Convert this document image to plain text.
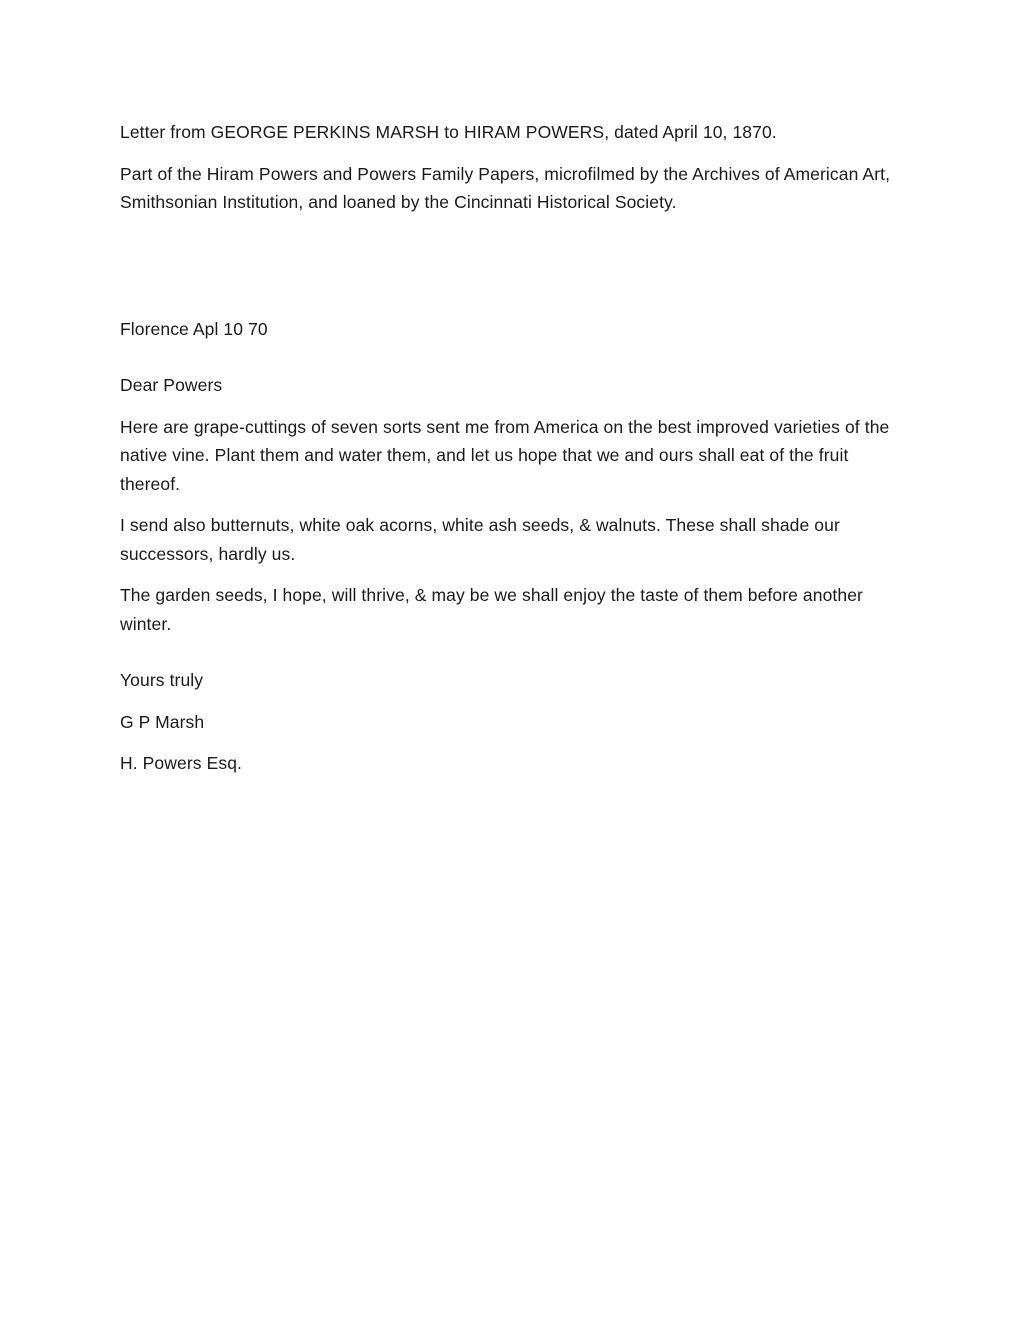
Letter from GEORGE PERKINS MARSH to HIRAM POWERS, dated April 10, 1870.

Part of the Hiram Powers and Powers Family Papers, microfilmed by the Archives of American Art, Smithsonian Institution, and loaned by the Cincinnati Historical Society.

Florence Apl 10 70

Dear Powers

Here are grape-cuttings of seven sorts sent me from America on the best improved varieties of the native vine. Plant them and water them, and let us hope that we and ours shall eat of the fruit thereof.

I send also butternuts, white oak acorns, white ash seeds, & walnuts. These shall shade our successors, hardly us.

The garden seeds, I hope, will thrive, & may be we shall enjoy the taste of them before another winter.

Yours truly

G P Marsh

H. Powers Esq.
